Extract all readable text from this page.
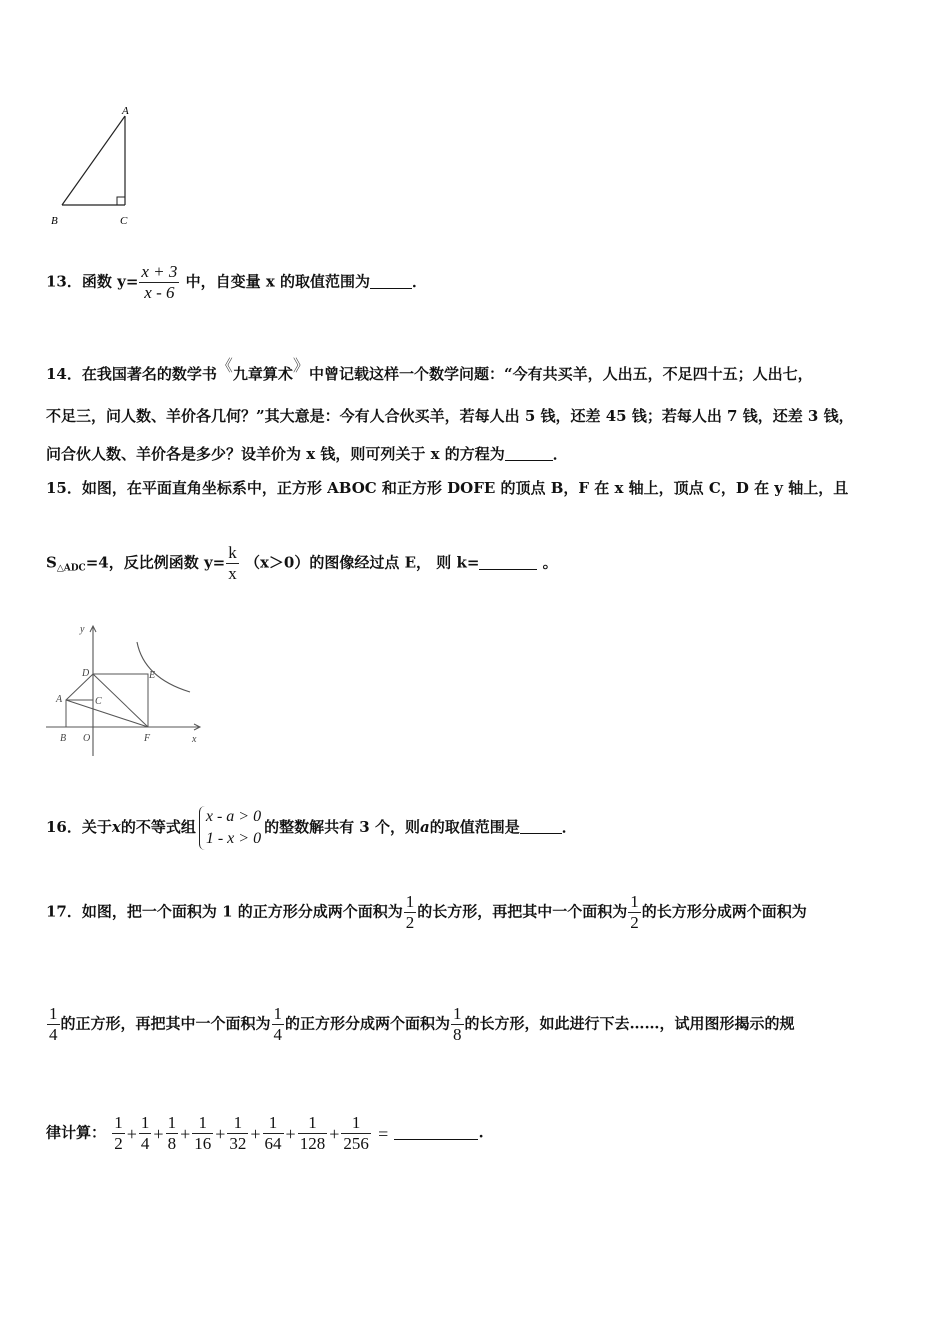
A
B	C
13．函数 $y= \frac{x + 3}{x - 6}$ 中，自变量 x 的取值范围为	．
14．在我国著名的数学书《九章算术》中曾记载这样一个数学问题：“今有共买羊，人出五，不足四十五；人出七，
不足三，问人数、羊价各几何？”其大意是：今有人合伙买羊，若每人出 5 钱，还差 45 钱；若每人出 7 钱，还差 3 钱，
问合伙人数、羊价各是多少？设羊价为 x 钱，则可列关于 x 的方程为	．
15．如图，在平面直角坐标系中，正方形 ABOC 和正方形 DOFE 的顶点 B，F 在 x 轴上，顶点 C，D 在 y 轴上，且
$S_{\triangle ADC}=4$，反比例函数 $y= \frac{k}{x} (x>0)$的图像经过点 E， 则 k=	。
y
x
D	E
A	C
B O	F
16．关于x的不等式组
x - a > 0
1 - x > 0
的整数解共有 3 个，则a的取值范围是	．
17．如图，把一个面积为 1 的正方形分成两个面积为 $\frac{1}{2}$ 的长方形，再把其中一个面积为 $\frac{1}{2}$ 的长方形分成两个面积为
$\frac{1}{4}$ 的正方形，再把其中一个面积为 $\frac{1}{4}$ 的正方形分成两个面积为 $\frac{1}{8}$ 的长方形，如此进行下去……，试用图形揭示的规
律计算： $\frac{1}{2} + \frac{1}{4} + \frac{1}{8} + \frac{1}{16} + \frac{1}{32} + \frac{1}{64} + \frac{1}{128} + \frac{1}{256}$ =	.
